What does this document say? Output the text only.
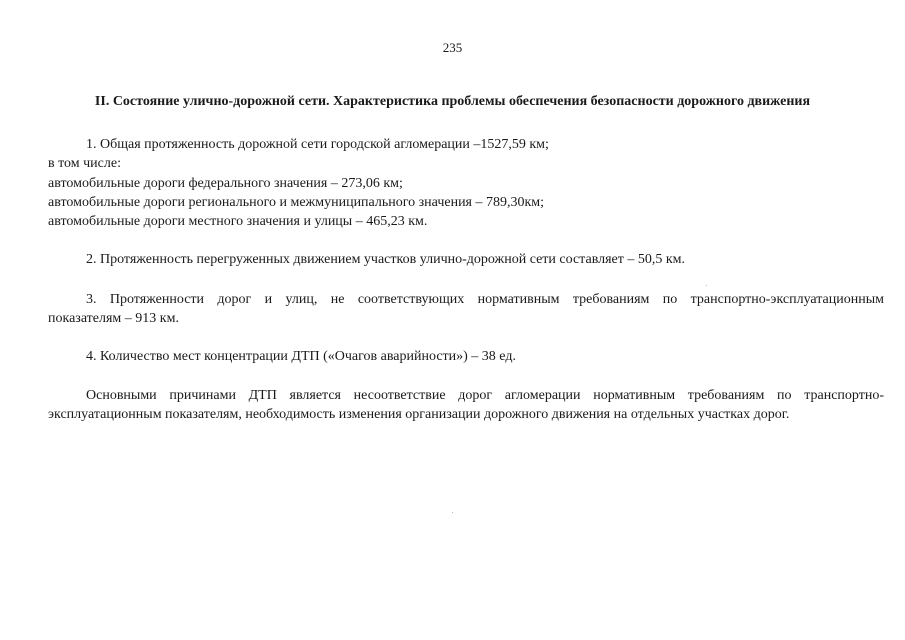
235
II. Состояние улично-дорожной сети. Характеристика проблемы обеспечения безопасности дорожного движения
1. Общая протяженность дорожной сети городской агломерации –1527,59 км;
в том числе:
автомобильные дороги федерального значения – 273,06 км;
автомобильные дороги регионального и межмуниципального значения – 789,30км;
автомобильные дороги местного значения и улицы – 465,23 км.
2. Протяженность перегруженных движением участков улично-дорожной сети составляет – 50,5 км.
3. Протяженности дорог и улиц, не соответствующих нормативным требованиям по транспортно-эксплуатационным
показателям – 913 км.
4. Количество мест концентрации ДТП («Очагов аварийности») – 38 ед.
Основными причинами ДТП является несоответствие дорог агломерации нормативным требованиям по транспортно-
эксплуатационным показателям, необходимость изменения организации дорожного движения на отдельных участках дорог.
